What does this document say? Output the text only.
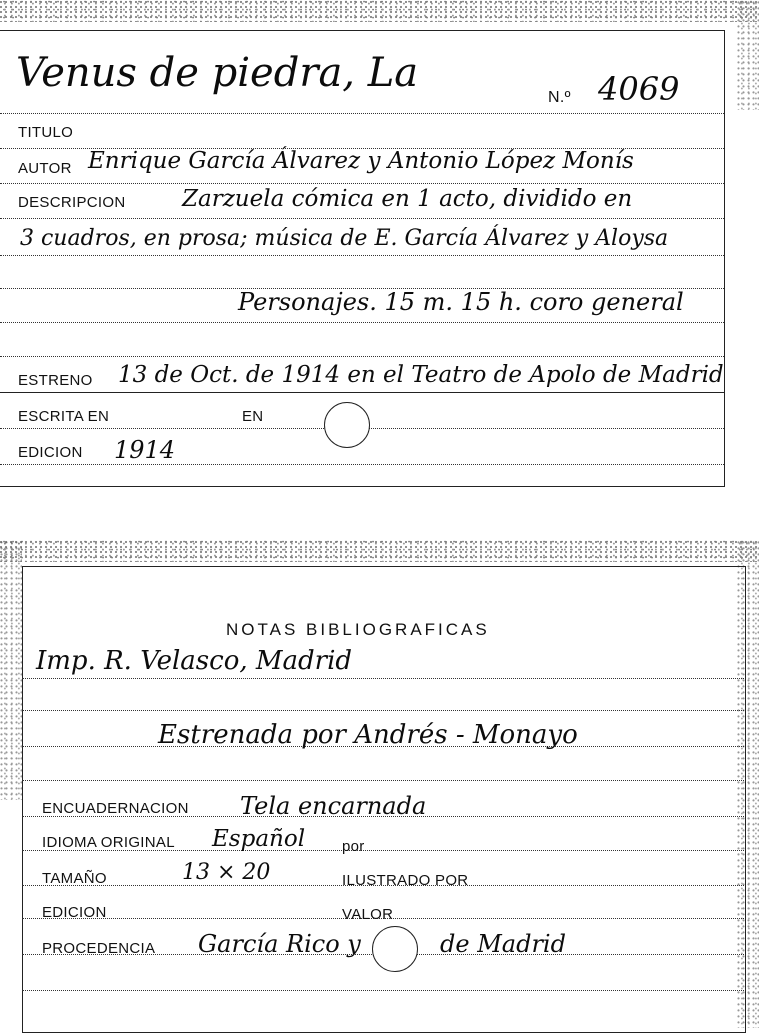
Venus de piedra, La
N.º 4069
TITULO
AUTOR Enrique García Álvarez y Antonio López Monís
DESCRIPCION Zarzuela cómica en 1 acto, dividido en
3 cuadros, en prosa; música de E. García Álvarez y Aloysa
Personajes. 15 m. 15 h. coro general
ESTRENO 13 de Oct. de 1914 en el Teatro de Apolo de Madrid
ESCRITA EN	EN
EDICION 1914
NOTAS BIBLIOGRAFICAS
Imp. R. Velasco, Madrid
Estrenada por Andrés - Monayo
ENCUADERNACION Tela encarnada
IDIOMA ORIGINAL Español por
TAMAÑO	13 × 20	ILUSTRADO POR
EDICION	VALOR
PROCEDENCIA García Rico y	de Madrid
